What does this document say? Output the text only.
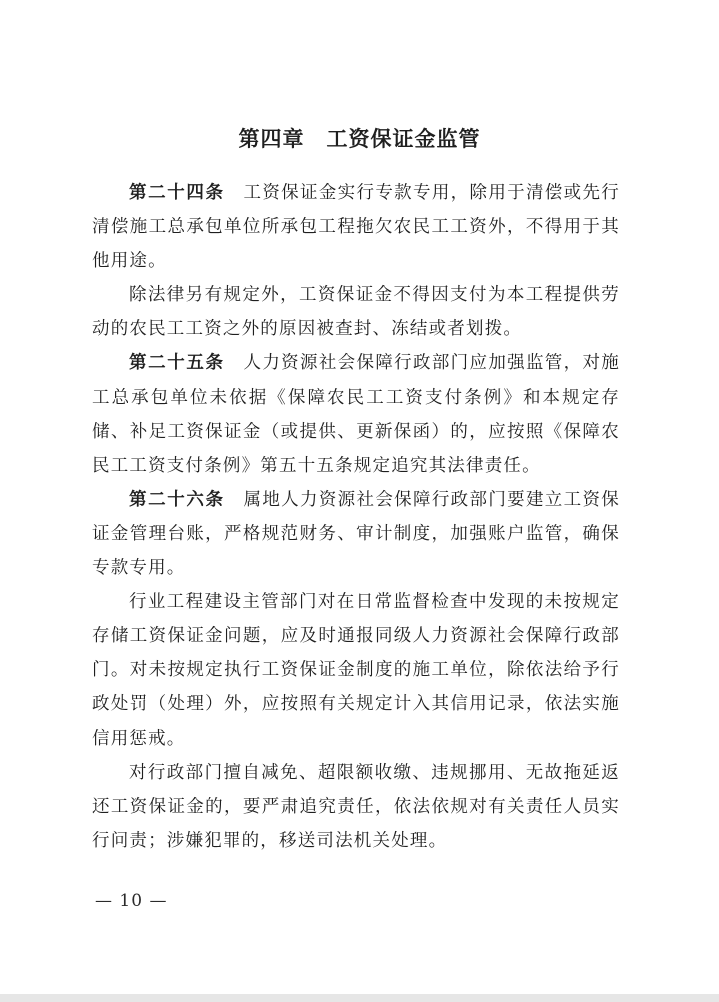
第四章　工资保证金监管

第二十四条　工资保证金实行专款专用，除用于清偿或先行清偿施工总承包单位所承包工程拖欠农民工工资外，不得用于其他用途。

除法律另有规定外，工资保证金不得因支付为本工程提供劳动的农民工工资之外的原因被查封、冻结或者划拨。

第二十五条　人力资源社会保障行政部门应加强监管，对施工总承包单位未依据《保障农民工工资支付条例》和本规定存储、补足工资保证金（或提供、更新保函）的，应按照《保障农民工工资支付条例》第五十五条规定追究其法律责任。

第二十六条　属地人力资源社会保障行政部门要建立工资保证金管理台账，严格规范财务、审计制度，加强账户监管，确保专款专用。

行业工程建设主管部门对在日常监督检查中发现的未按规定存储工资保证金问题，应及时通报同级人力资源社会保障行政部门。对未按规定执行工资保证金制度的施工单位，除依法给予行政处罚（处理）外，应按照有关规定计入其信用记录，依法实施信用惩戒。

对行政部门擅自减免、超限额收缴、违规挪用、无故拖延返还工资保证金的，要严肃追究责任，依法依规对有关责任人员实行问责；涉嫌犯罪的，移送司法机关处理。

— 10 —
